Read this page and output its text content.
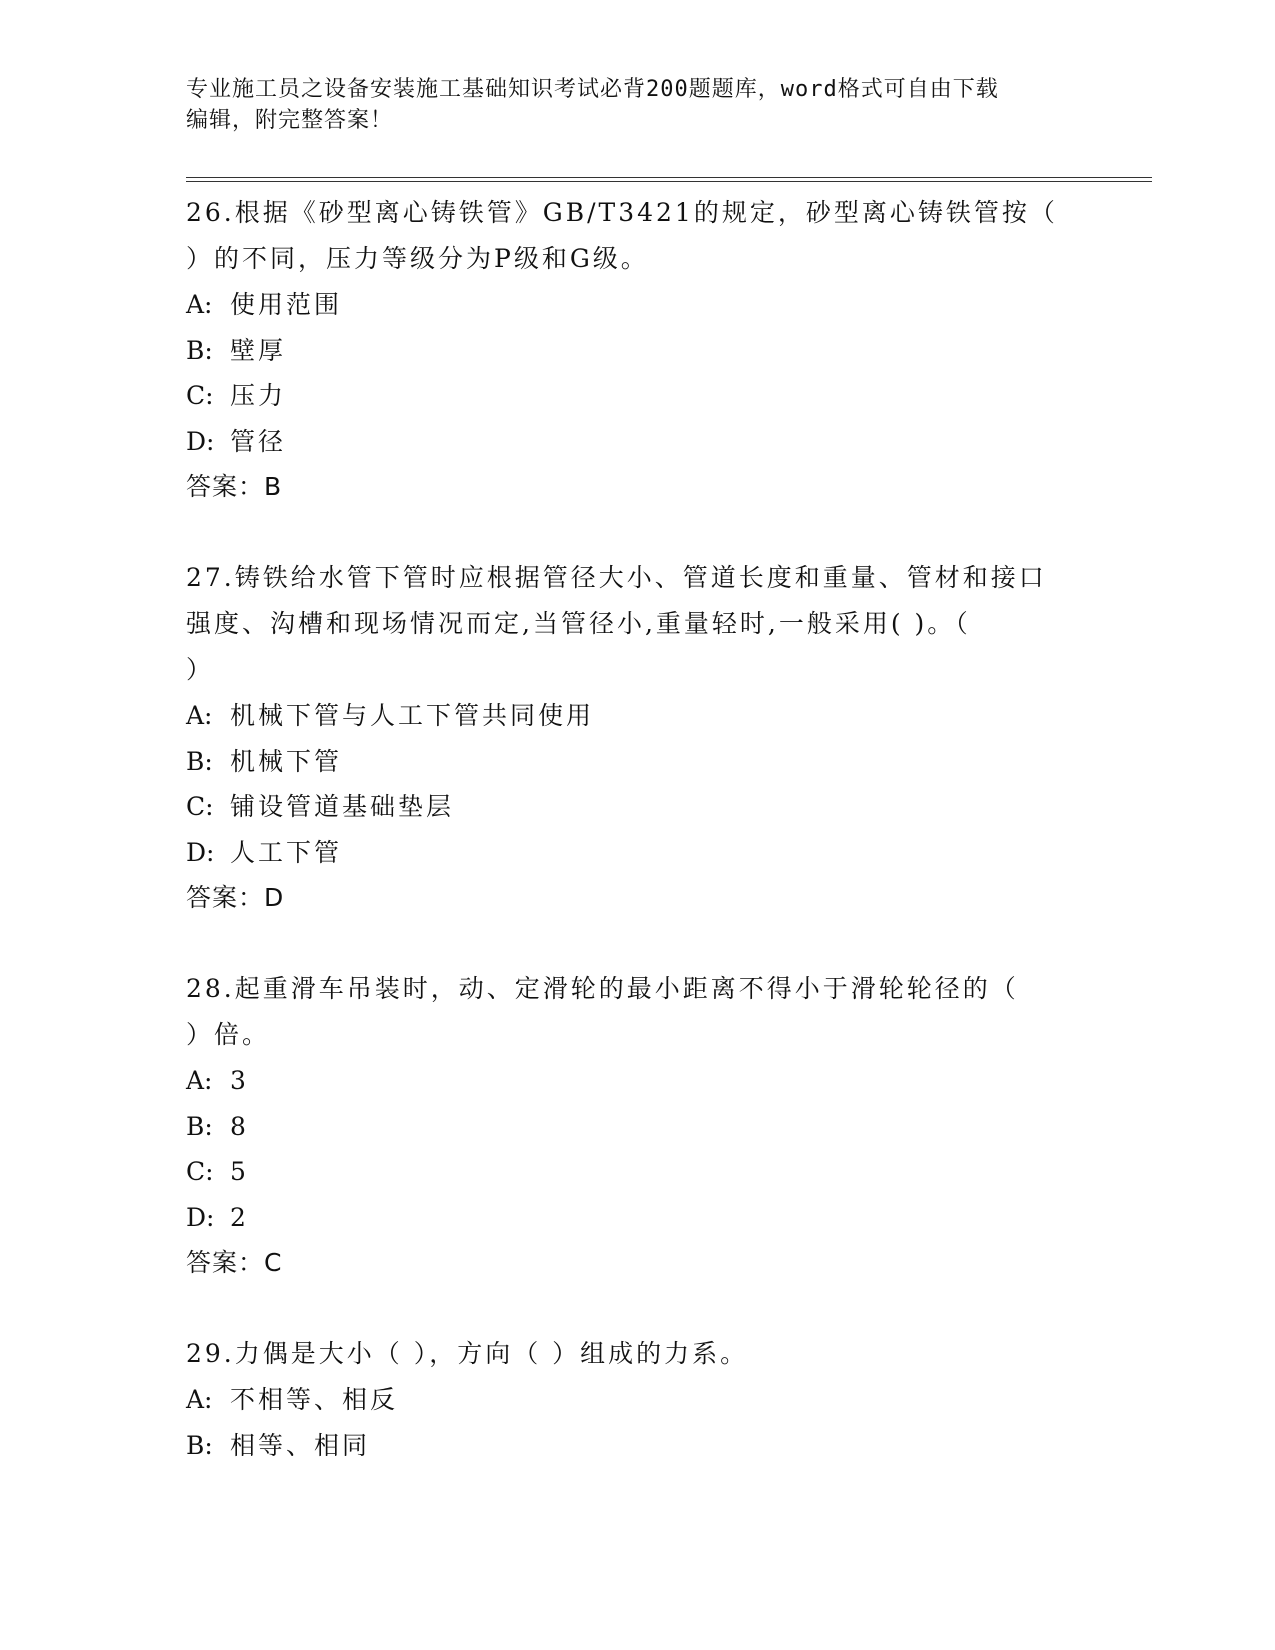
专业施工员之设备安装施工基础知识考试必背200题题库，word格式可自由下载
编辑，附完整答案！

26.根据《砂型离心铸铁管》GB/T3421的规定，砂型离心铸铁管按（

）的不同，压力等级分为P级和G级。

A: 使用范围

B: 壁厚

C: 压力

D: 管径

答案：B

27.铸铁给水管下管时应根据管径大小、管道长度和重量、管材和接口

强度、沟槽和现场情况而定,当管径小,重量轻时,一般采用( )。（

）

A: 机械下管与人工下管共同使用

B: 机械下管

C: 铺设管道基础垫层

D: 人工下管

答案：D

28.起重滑车吊装时，动、定滑轮的最小距离不得小于滑轮轮径的（

）倍。

A: 3

B: 8

C: 5

D: 2

答案：C

29.力偶是大小（ ），方向（ ）组成的力系。

A: 不相等、相反

B: 相等、相同
